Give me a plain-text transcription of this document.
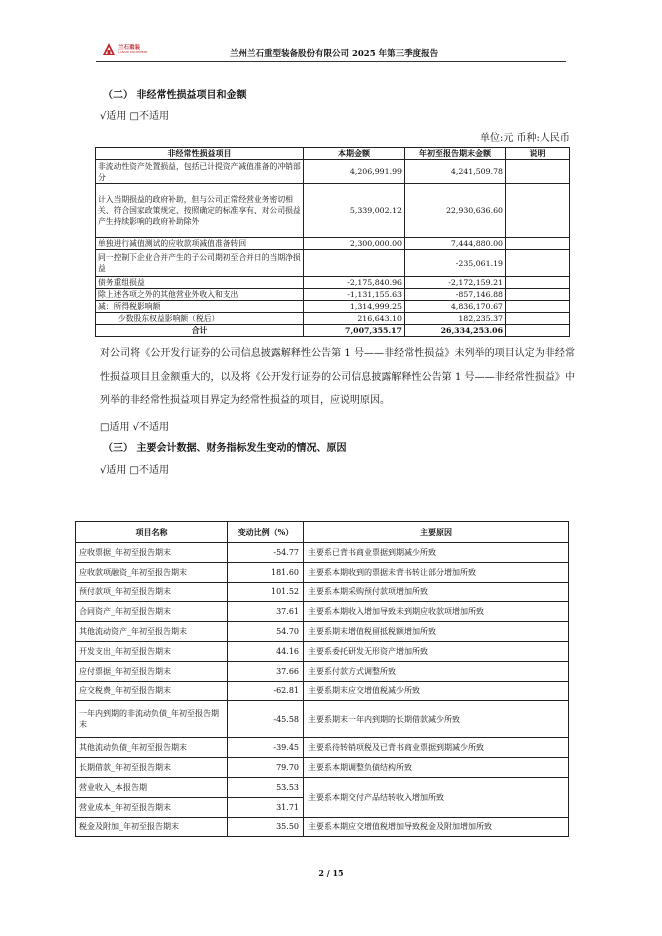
兰石重装
LANSHI EQUIPMENT	兰州兰石重型装备股份有限公司 2025 年第三季度报告
（二） 非经常性损益项目和金额
√适用 □不适用
单位:元 币种:人民币
非经常性损益项目	本期金额	年初至报告期末金额	说明
非流动性资产处置损益，包括已计提资产减值准备的冲销部分	4,206,991.99	4,241,509.78	
计入当期损益的政府补助，但与公司正常经营业务密切相关、符合国家政策规定、按照确定的标准享有、对公司损益产生持续影响的政府补助除外	5,339,002.12	22,930,636.60	
单独进行减值测试的应收款项减值准备转回	2,300,000.00	7,444,880.00	
同一控制下企业合并产生的子公司期初至合并日的当期净损益		-235,061.19	
债务重组损益	-2,175,840.96	-2,172,159.21	
除上述各项之外的其他营业外收入和支出	-1,131,155.63	-857,146.88	
减：所得税影响额	1,314,999.25	4,836,170.67	
少数股东权益影响额（税后）	216,643.10	182,235.37	
合计	7,007,355.17	26,334,253.06	
对公司将《公开发行证券的公司信息披露解释性公告第 1 号——非经常性损益》未列举的项目认定为非经常性损益项目且金额重大的，以及将《公开发行证券的公司信息披露解释性公告第 1 号——非经常性损益》中列举的非经常性损益项目界定为经常性损益的项目，应说明原因。
□适用 √不适用
（三） 主要会计数据、财务指标发生变动的情况、原因
√适用 □不适用
项目名称	变动比例（%）	主要原因
应收票据_年初至报告期末	-54.77	主要系已背书商业票据到期减少所致
应收款项融资_年初至报告期末	181.60	主要系本期收到的票据未背书转让部分增加所致
预付款项_年初至报告期末	101.52	主要系本期采购预付款项增加所致
合同资产_年初至报告期末	37.61	主要系本期收入增加导致未到期应收款项增加所致
其他流动资产_年初至报告期末	54.70	主要系期末增值税留抵税额增加所致
开发支出_年初至报告期末	44.16	主要系委托研发无形资产增加所致
应付票据_年初至报告期末	37.66	主要系付款方式调整所致
应交税费_年初至报告期末	-62.81	主要系期末应交增值税减少所致
一年内到期的非流动负债_年初至报告期末	-45.58	主要系期末一年内到期的长期借款减少所致
其他流动负债_年初至报告期末	-39.45	主要系待转销项税及已背书商业票据到期减少所致
长期借款_年初至报告期末	79.70	主要系本期调整负债结构所致
营业收入_本报告期	53.53	主要系本期交付产品结转收入增加所致
营业成本_年初至报告期末	31.71	
税金及附加_年初至报告期末	35.50	主要系本期应交增值税增加导致税金及附加增加所致
2 / 15
